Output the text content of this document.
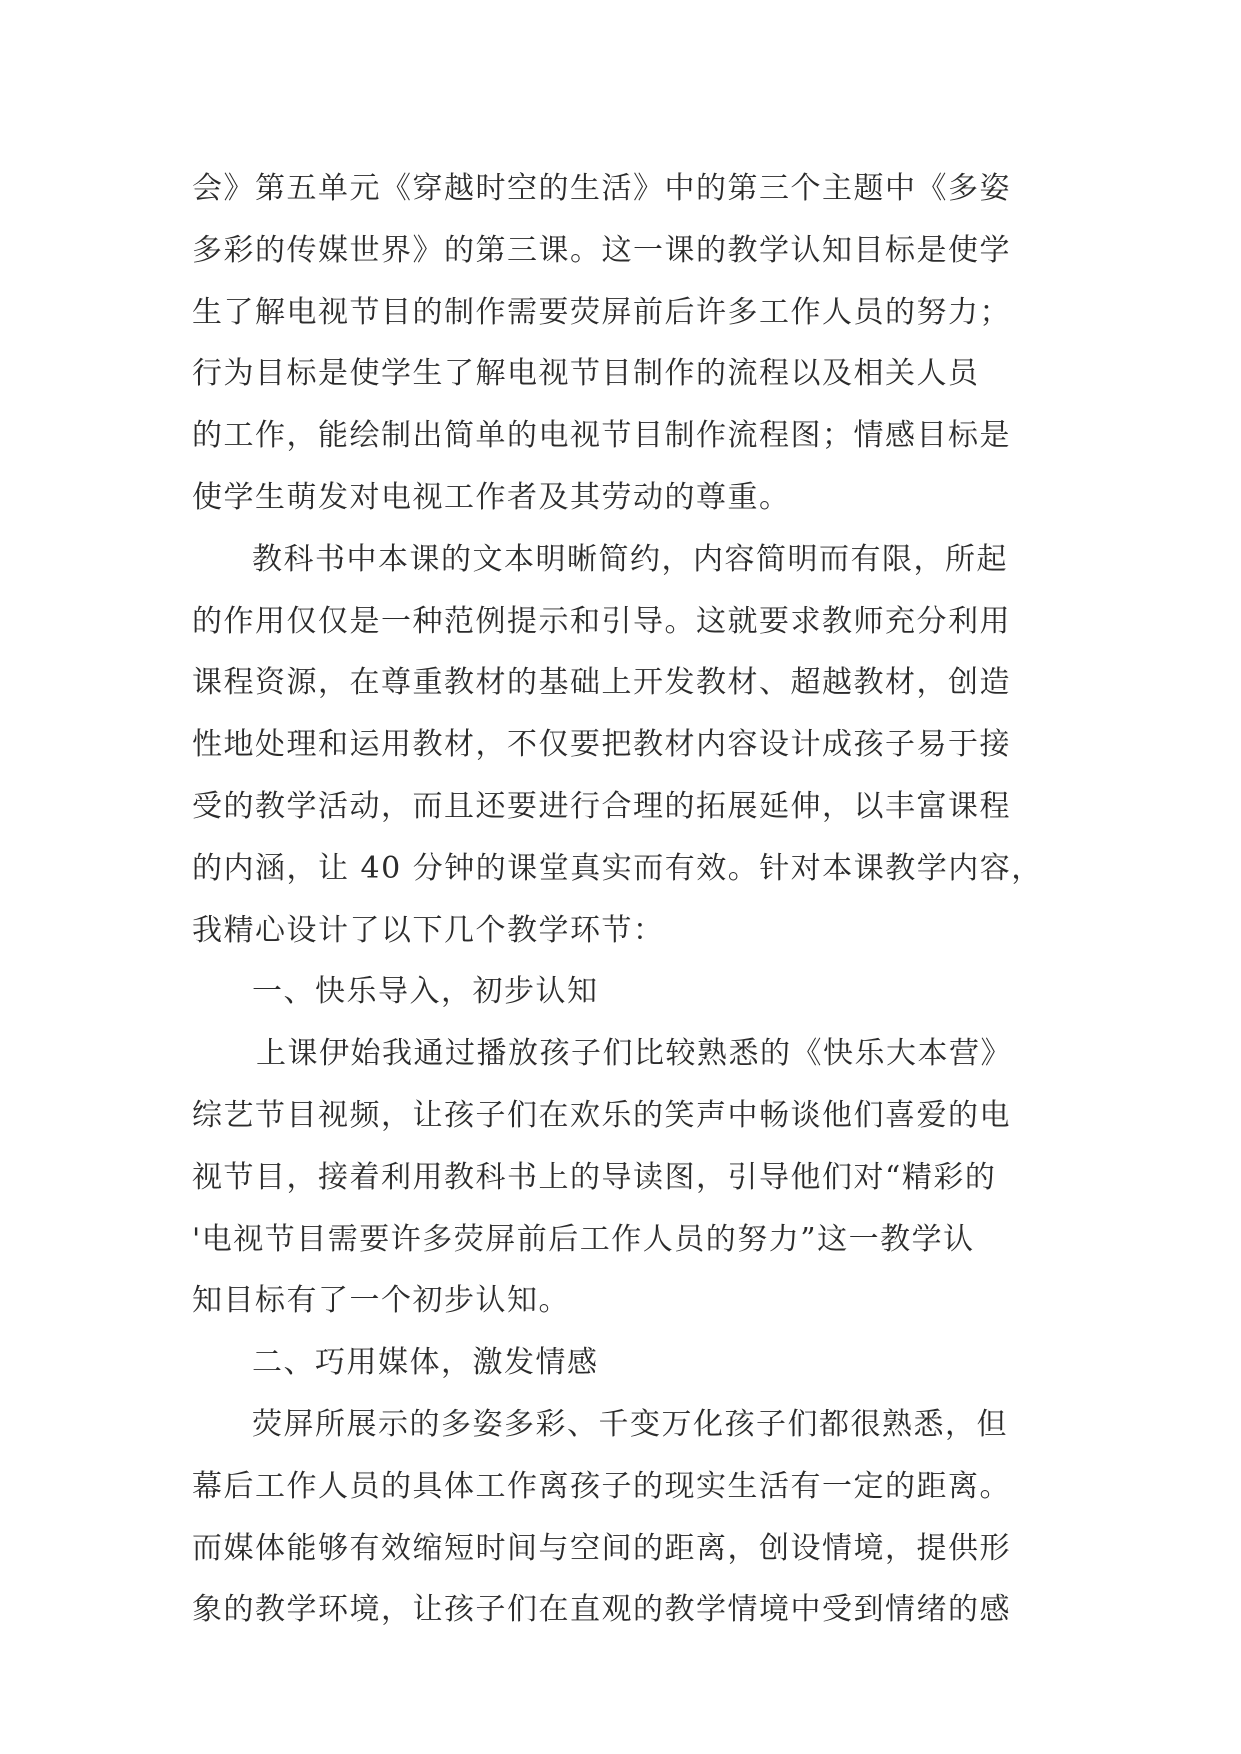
会》第五单元《穿越时空的生活》中的第三个主题中《多姿
多彩的传媒世界》的第三课。这一课的教学认知目标是使学
生了解电视节目的制作需要荧屏前后许多工作人员的努力；
行为目标是使学生了解电视节目制作的流程以及相关人员
的工作，能绘制出简单的电视节目制作流程图；情感目标是
使学生萌发对电视工作者及其劳动的尊重。
教科书中本课的文本明晰简约，内容简明而有限，所起
的作用仅仅是一种范例提示和引导。这就要求教师充分利用
课程资源，在尊重教材的基础上开发教材、超越教材，创造
性地处理和运用教材，不仅要把教材内容设计成孩子易于接
受的教学活动，而且还要进行合理的拓展延伸，以丰富课程
的内涵，让 40 分钟的课堂真实而有效。针对本课教学内容，
我精心设计了以下几个教学环节：
一、快乐导入，初步认知
上课伊始我通过播放孩子们比较熟悉的《快乐大本营》
综艺节目视频，让孩子们在欢乐的笑声中畅谈他们喜爱的电
视节目，接着利用教科书上的导读图，引导他们对“精彩的
'电视节目需要许多荧屏前后工作人员的努力”这一教学认
知目标有了一个初步认知。
二、巧用媒体，激发情感
荧屏所展示的多姿多彩、千变万化孩子们都很熟悉，但
幕后工作人员的具体工作离孩子的现实生活有一定的距离。
而媒体能够有效缩短时间与空间的距离，创设情境，提供形
象的教学环境，让孩子们在直观的教学情境中受到情绪的感
